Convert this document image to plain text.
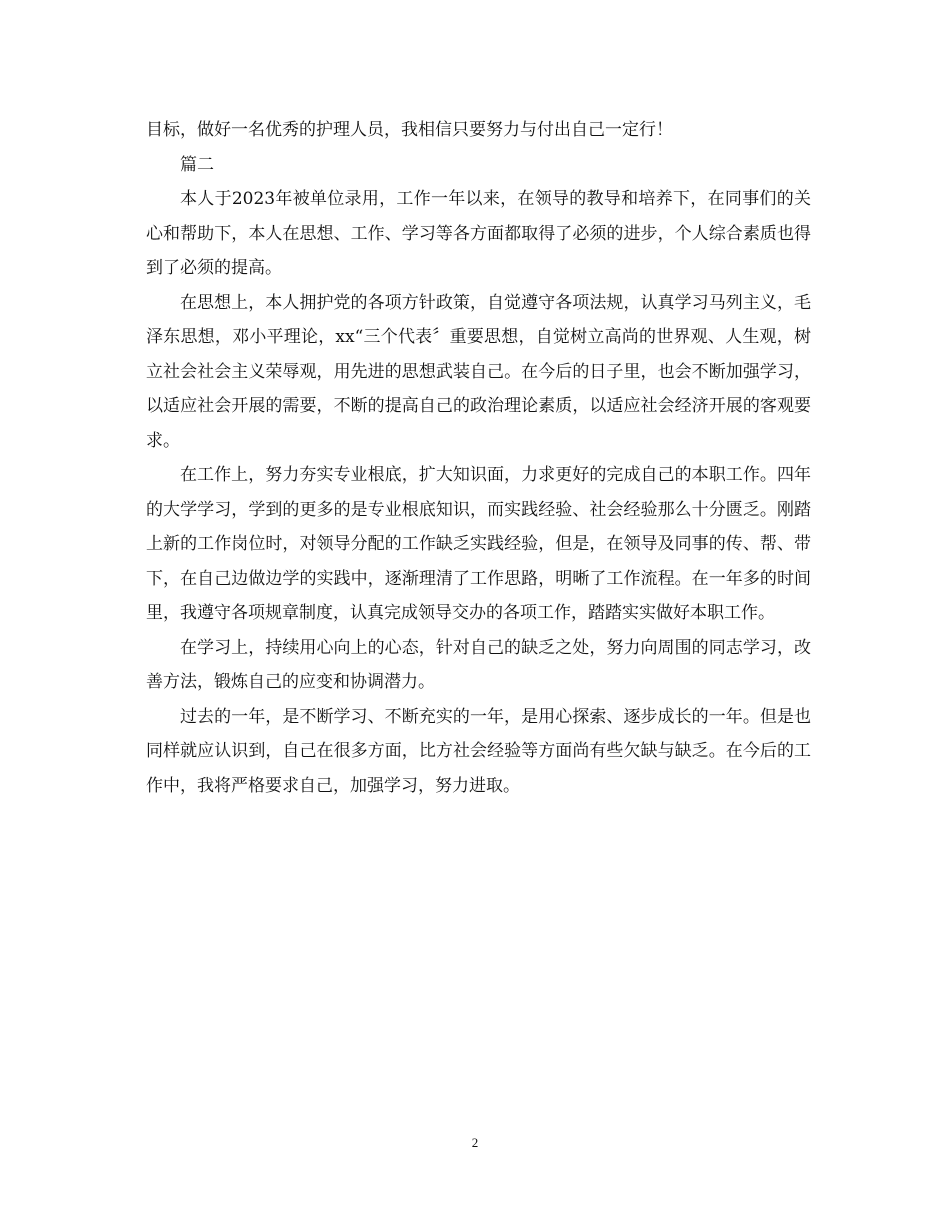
目标，做好一名优秀的护理人员，我相信只要努力与付出自己一定行！

篇二

本人于2023年被单位录用，工作一年以来，在领导的教导和培养下，在同事们的关心和帮助下，本人在思想、工作、学习等各方面都取得了必须的进步，个人综合素质也得到了必须的提高。

在思想上，本人拥护党的各项方针政策，自觉遵守各项法规，认真学习马列主义，毛泽东思想，邓小平理论，xx“三个代表〞重要思想，自觉树立高尚的世界观、人生观，树立社会社会主义荣辱观，用先进的思想武装自己。在今后的日子里，也会不断加强学习，以适应社会开展的需要，不断的提高自己的政治理论素质，以适应社会经济开展的客观要求。

在工作上，努力夯实专业根底，扩大知识面，力求更好的完成自己的本职工作。四年的大学学习，学到的更多的是专业根底知识，而实践经验、社会经验那么十分匮乏。刚踏上新的工作岗位时，对领导分配的工作缺乏实践经验，但是，在领导及同事的传、帮、带下，在自己边做边学的实践中，逐渐理清了工作思路，明晰了工作流程。在一年多的时间里，我遵守各项规章制度，认真完成领导交办的各项工作，踏踏实实做好本职工作。

在学习上，持续用心向上的心态，针对自己的缺乏之处，努力向周围的同志学习，改善方法，锻炼自己的应变和协调潜力。

过去的一年，是不断学习、不断充实的一年，是用心探索、逐步成长的一年。但是也同样就应认识到，自己在很多方面，比方社会经验等方面尚有些欠缺与缺乏。在今后的工作中，我将严格要求自己，加强学习，努力进取。

2
